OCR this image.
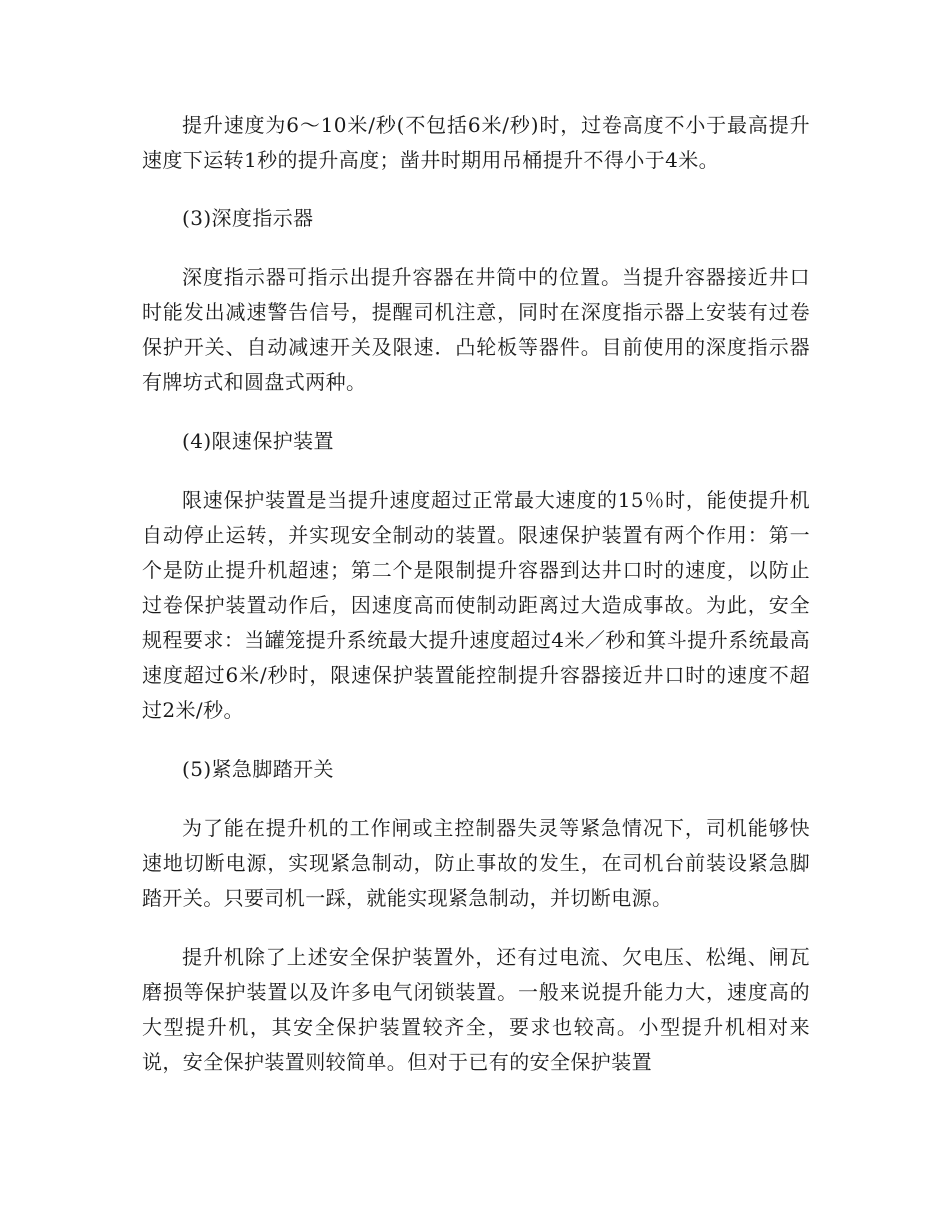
提升速度为6～10米/秒(不包括6米/秒)时，过卷高度不小于最高提升速度下运转1秒的提升高度；凿井时期用吊桶提升不得小于4米。

(3)深度指示器

深度指示器可指示出提升容器在井筒中的位置。当提升容器接近井口时能发出减速警告信号，提醒司机注意，同时在深度指示器上安装有过卷保护开关、自动减速开关及限速．凸轮板等器件。目前使用的深度指示器有牌坊式和圆盘式两种。

(4)限速保护装置

限速保护装置是当提升速度超过正常最大速度的15％时，能使提升机自动停止运转，并实现安全制动的装置。限速保护装置有两个作用：第一个是防止提升机超速；第二个是限制提升容器到达井口时的速度，以防止过卷保护装置动作后，因速度高而使制动距离过大造成事故。为此，安全规程要求：当罐笼提升系统最大提升速度超过4米／秒和箕斗提升系统最高速度超过6米/秒时，限速保护装置能控制提升容器接近井口时的速度不超过2米/秒。

(5)紧急脚踏开关

为了能在提升机的工作闸或主控制器失灵等紧急情况下，司机能够快速地切断电源，实现紧急制动，防止事故的发生，在司机台前装设紧急脚踏开关。只要司机一踩，就能实现紧急制动，并切断电源。

提升机除了上述安全保护装置外，还有过电流、欠电压、松绳、闸瓦磨损等保护装置以及许多电气闭锁装置。一般来说提升能力大，速度高的大型提升机，其安全保护装置较齐全，要求也较高。小型提升机相对来说，安全保护装置则较简单。但对于已有的安全保护装置
